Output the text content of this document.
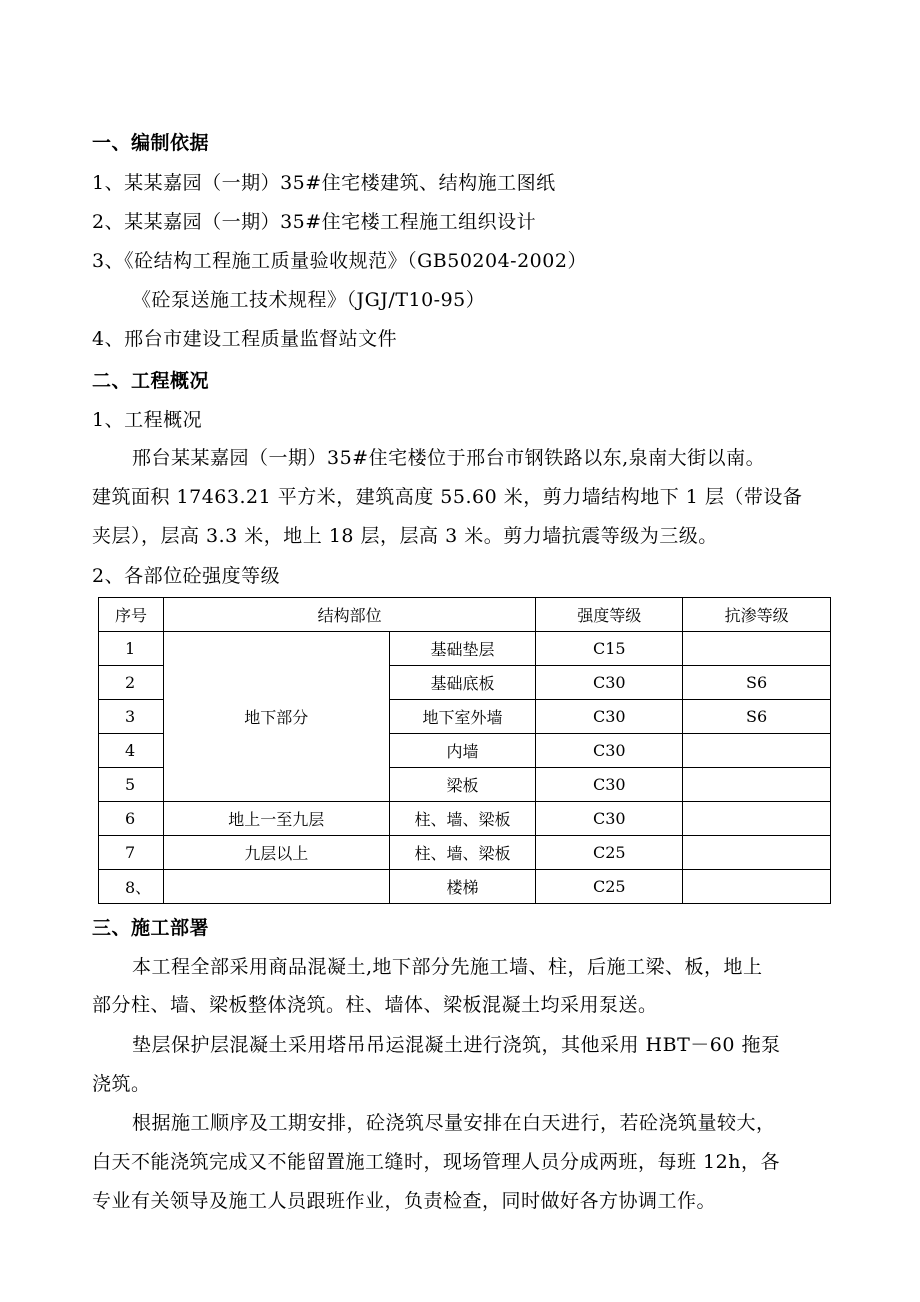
一、编制依据
1、某某嘉园（一期）35#住宅楼建筑、结构施工图纸
2、某某嘉园（一期）35#住宅楼工程施工组织设计
3、《砼结构工程施工质量验收规范》（GB50204-2002）
《砼泵送施工技术规程》（JGJ/T10-95）
4、邢台市建设工程质量监督站文件
二、工程概况
1、工程概况
邢台某某嘉园（一期）35#住宅楼位于邢台市钢铁路以东,泉南大街以南。
建筑面积 17463.21 平方米，建筑高度 55.60 米，剪力墙结构地下 1 层（带设备
夹层），层高 3.3 米，地上 18 层，层高 3 米。剪力墙抗震等级为三级。
2、各部位砼强度等级
序号	结构部位		强度等级	抗渗等级
1	地下部分	基础垫层	C15	
2		基础底板	C30	S6
3		地下室外墙	C30	S6
4		内墙	C30	
5		梁板	C30	
6	地上一至九层	柱、墙、梁板	C30	
7	九层以上	柱、墙、梁板	C25	
8、		楼梯	C25	
三、施工部署
本工程全部采用商品混凝土,地下部分先施工墙、柱，后施工梁、板，地上
部分柱、墙、梁板整体浇筑。柱、墙体、梁板混凝土均采用泵送。
垫层保护层混凝土采用塔吊吊运混凝土进行浇筑，其他采用 HBT－60 拖泵
浇筑。
根据施工顺序及工期安排，砼浇筑尽量安排在白天进行，若砼浇筑量较大，
白天不能浇筑完成又不能留置施工缝时，现场管理人员分成两班，每班 12h，各
专业有关领导及施工人员跟班作业，负责检查，同时做好各方协调工作。
